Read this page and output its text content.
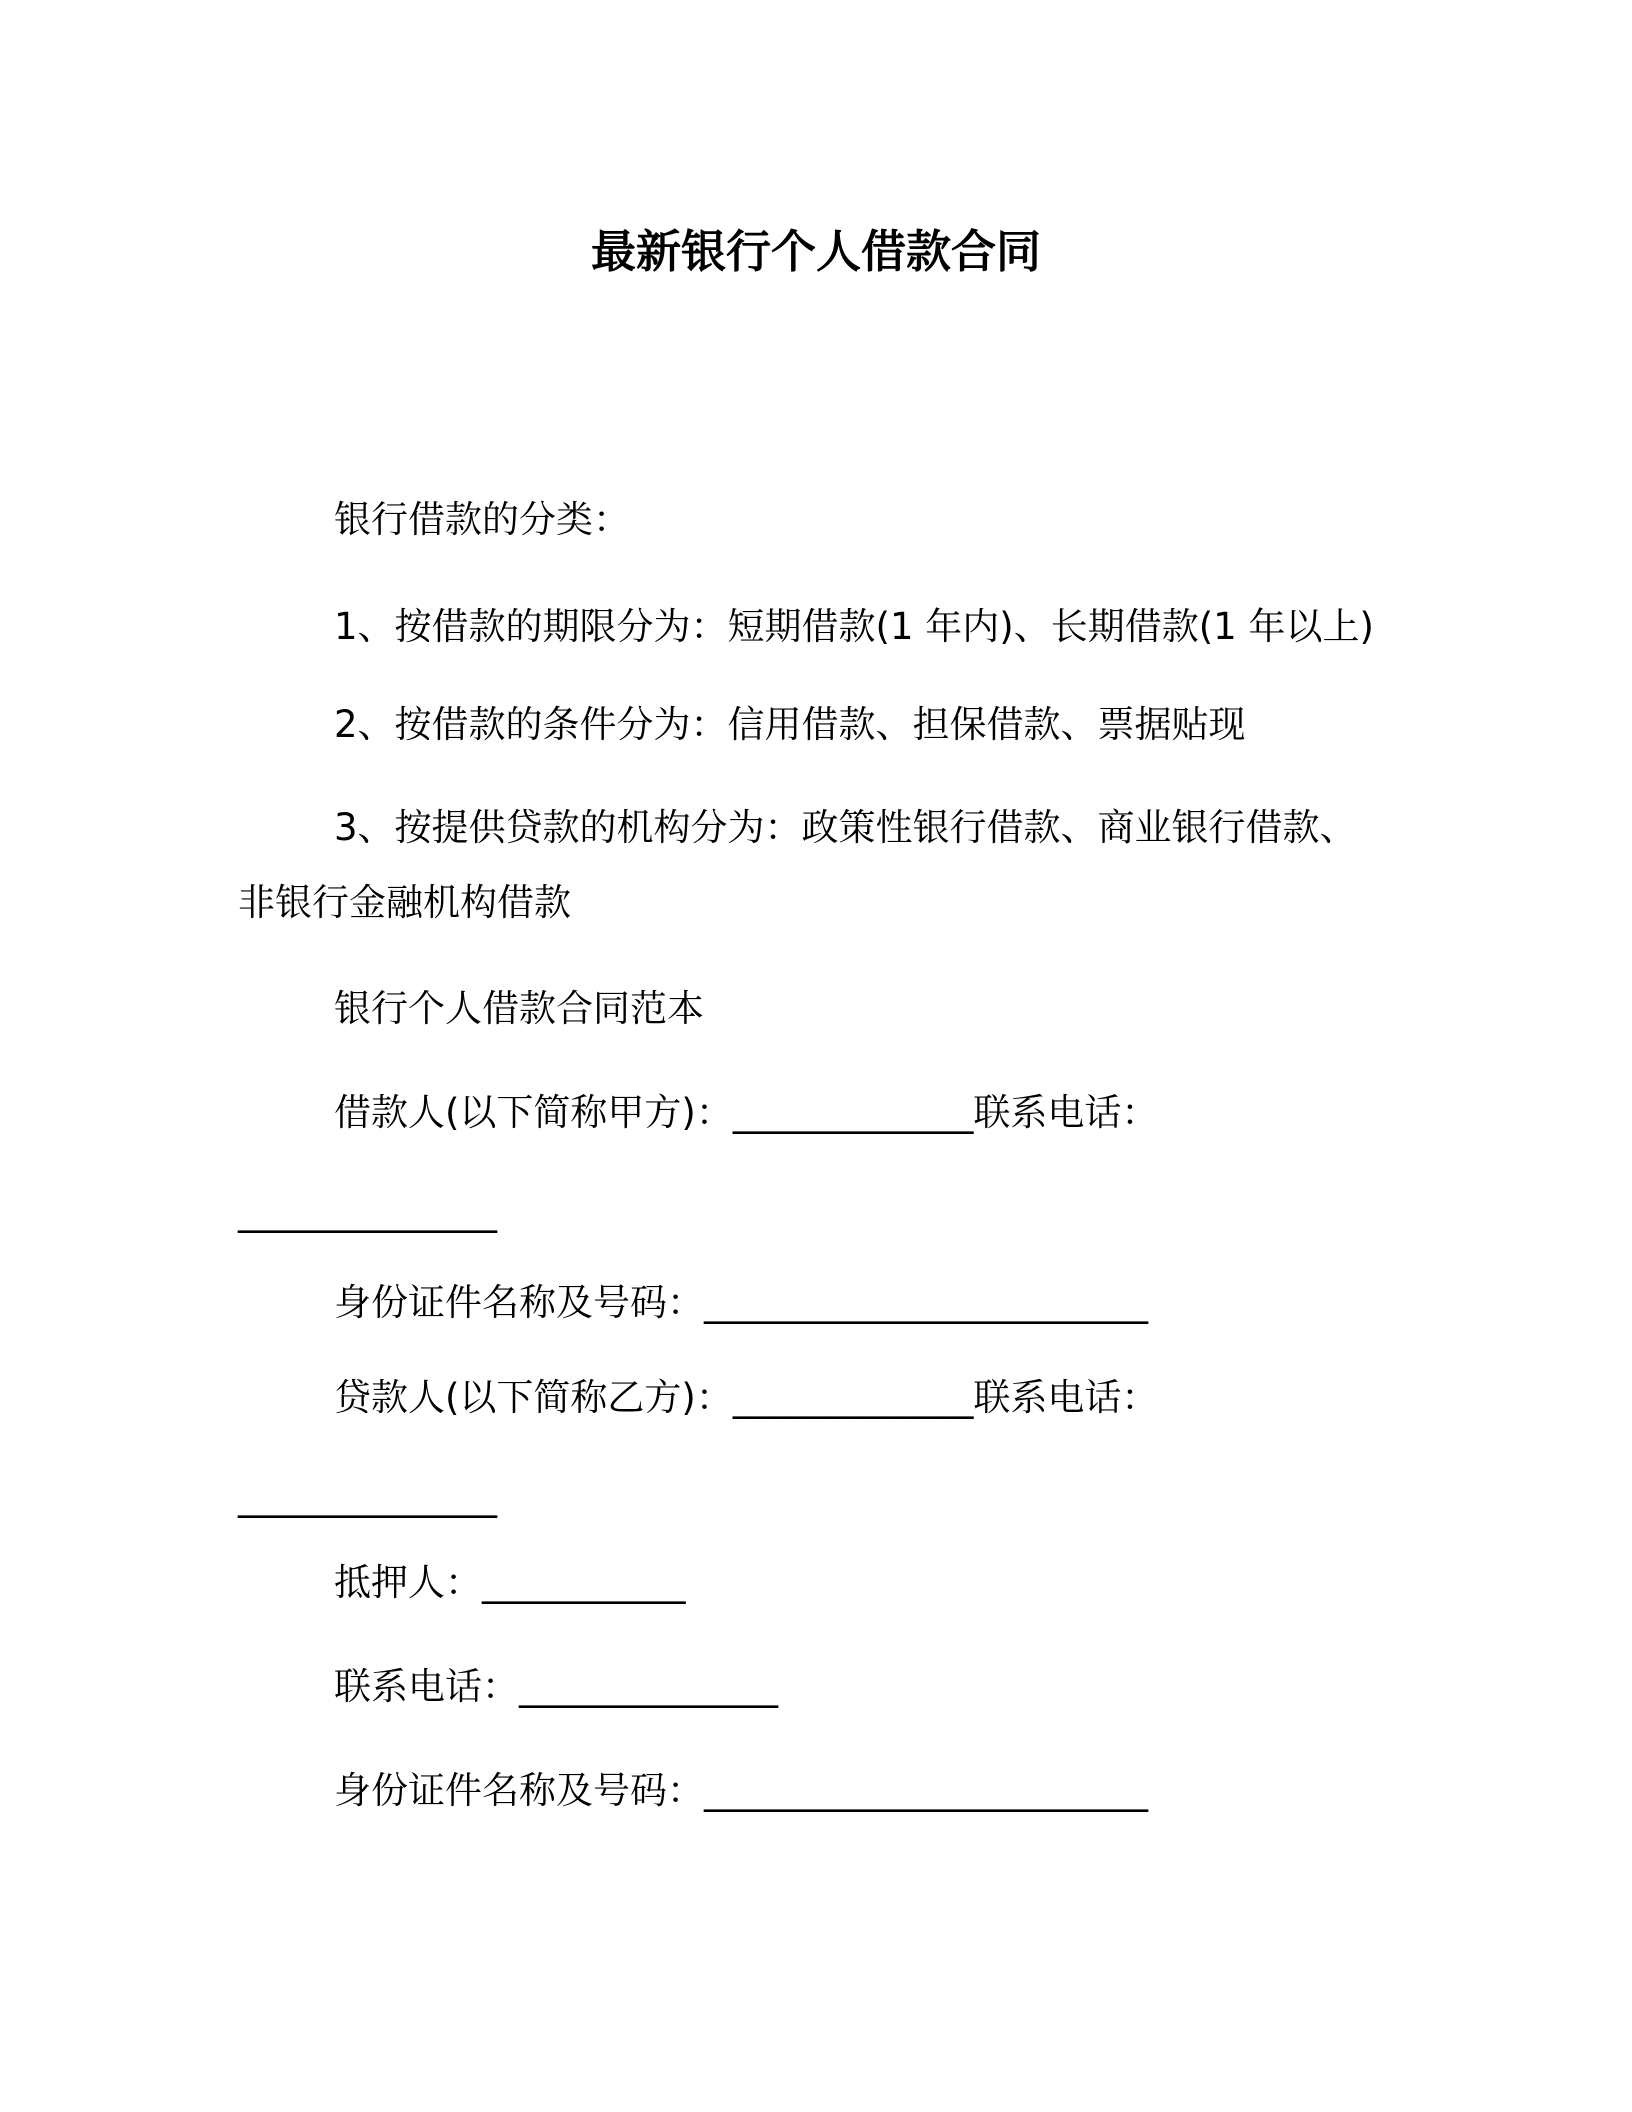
最新银行个人借款合同
银行借款的分类：
1、按借款的期限分为：短期借款(1 年内)、长期借款(1 年以上)
2、按借款的条件分为：信用借款、担保借款、票据贴现
3、按提供贷款的机构分为：政策性银行借款、商业银行借款、
非银行金融机构借款
银行个人借款合同范本
借款人(以下简称甲方)：_____________联系电话：
______________
身份证件名称及号码：________________________
贷款人(以下简称乙方)：_____________联系电话：
______________
抵押人：___________
联系电话：______________
身份证件名称及号码：________________________
